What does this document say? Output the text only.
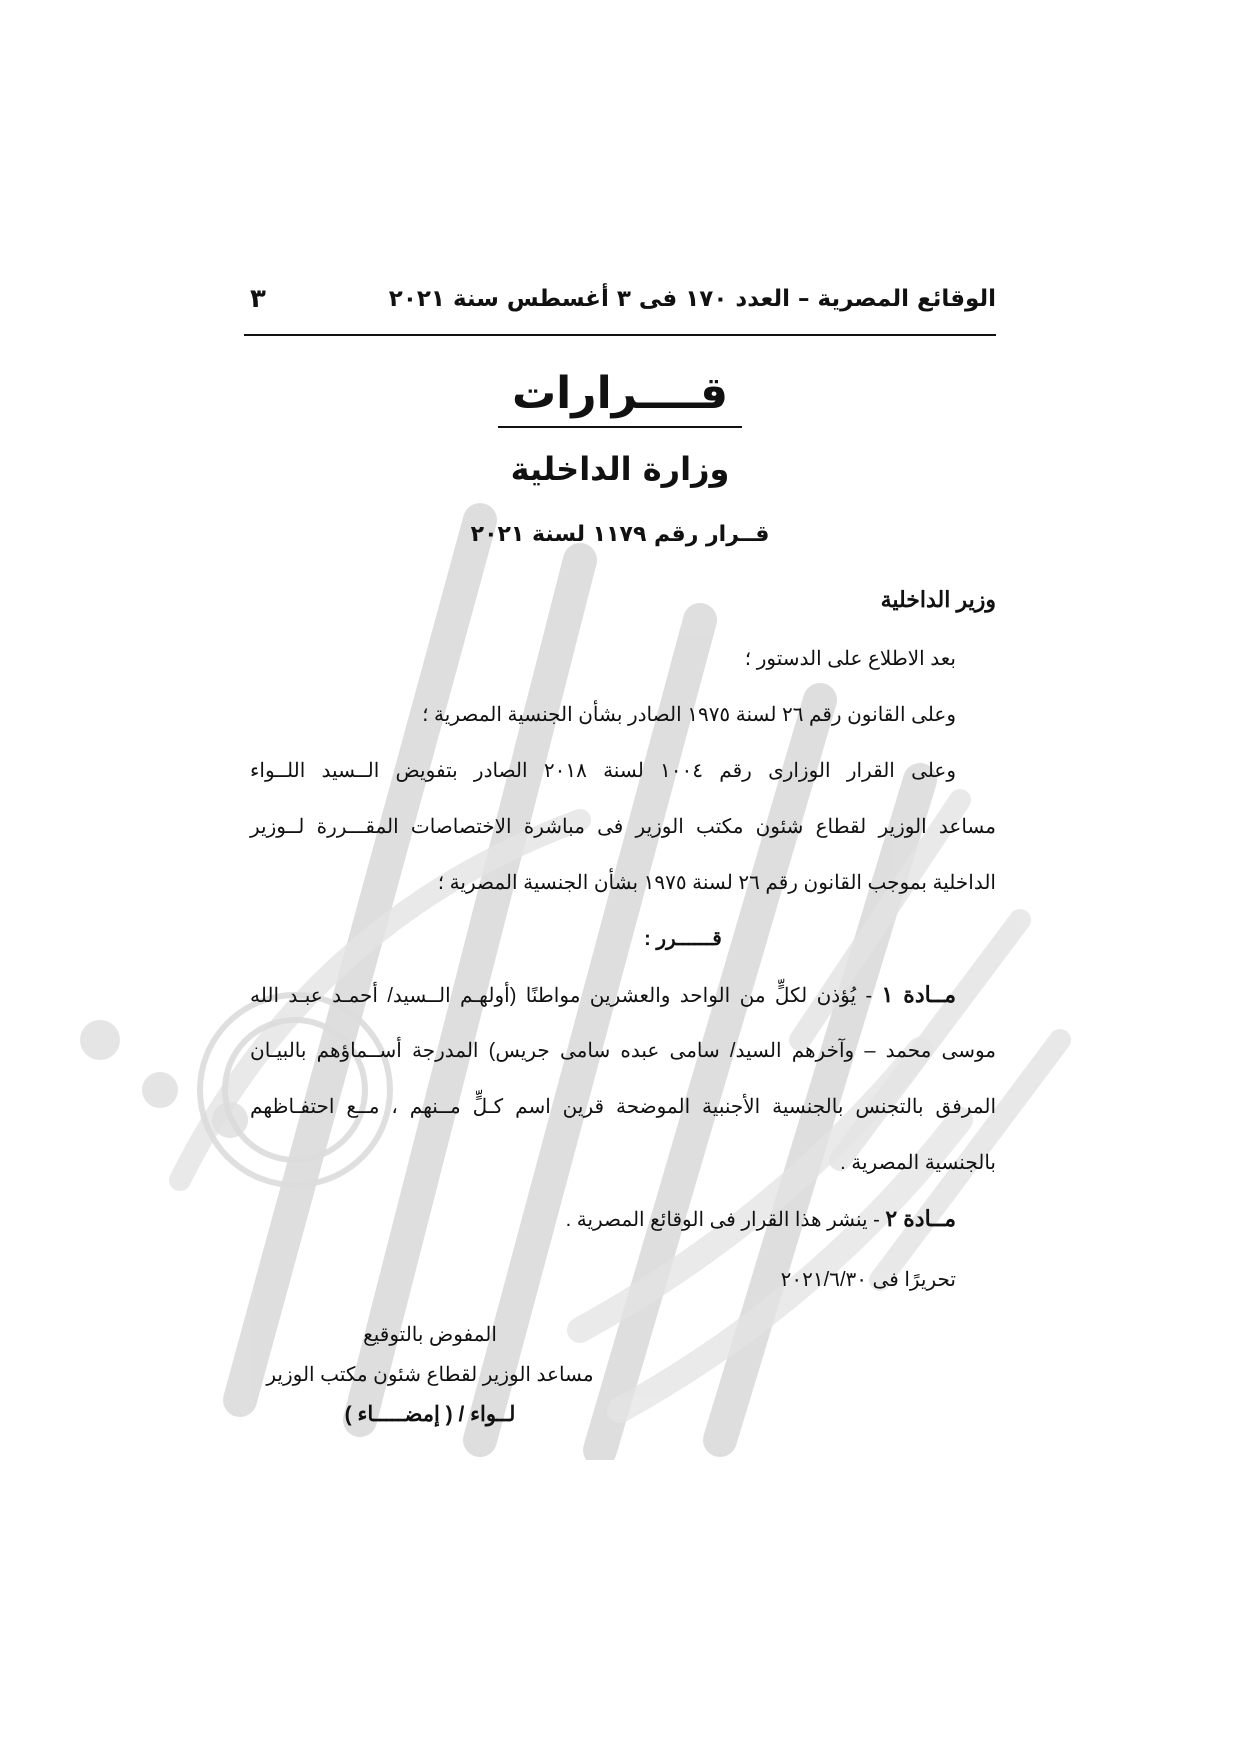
الوقائع المصرية – العدد ١٧٠ فى ٣ أغسطس سنة ٢٠٢١
٣
قــــرارات
وزارة الداخلية
قــرار رقم ١١٧٩ لسنة ٢٠٢١
وزير الداخلية
بعد الاطلاع على الدستور ؛
وعلى القانون رقم ٢٦ لسنة ١٩٧٥ الصادر بشأن الجنسية المصرية ؛
وعلى القرار الوزارى رقم ١٠٠٤ لسنة ٢٠١٨ الصادر بتفويض الــسيد اللــواء
مساعد الوزير لقطاع شئون مكتب الوزير فى مباشرة الاختصاصات المقـــررة لــوزير
الداخلية بموجب القانون رقم ٢٦ لسنة ١٩٧٥ بشأن الجنسية المصرية ؛
قــــــرر :
مــادة ١ - يُؤذن لكلٍّ من الواحد والعشرين مواطنًا (أولهـم الــسيد/ أحمـد عبـد الله
موسى محمد – وآخرهم السيد/ سامى عبده سامى جريس) المدرجة أســماؤهم بالبيـان
المرفق بالتجنس بالجنسية الأجنبية الموضحة قرين اسم كـلٍّ مــنهم ، مــع احتفـاظهم
بالجنسية المصرية .
مــادة ٢ - ينشر هذا القرار فى الوقائع المصرية .
تحريرًا فى ٢٠٢١/٦/٣٠
المفوض بالتوقيع
مساعد الوزير لقطاع شئون مكتب الوزير
لــواء / ( إمضـــــاء )
